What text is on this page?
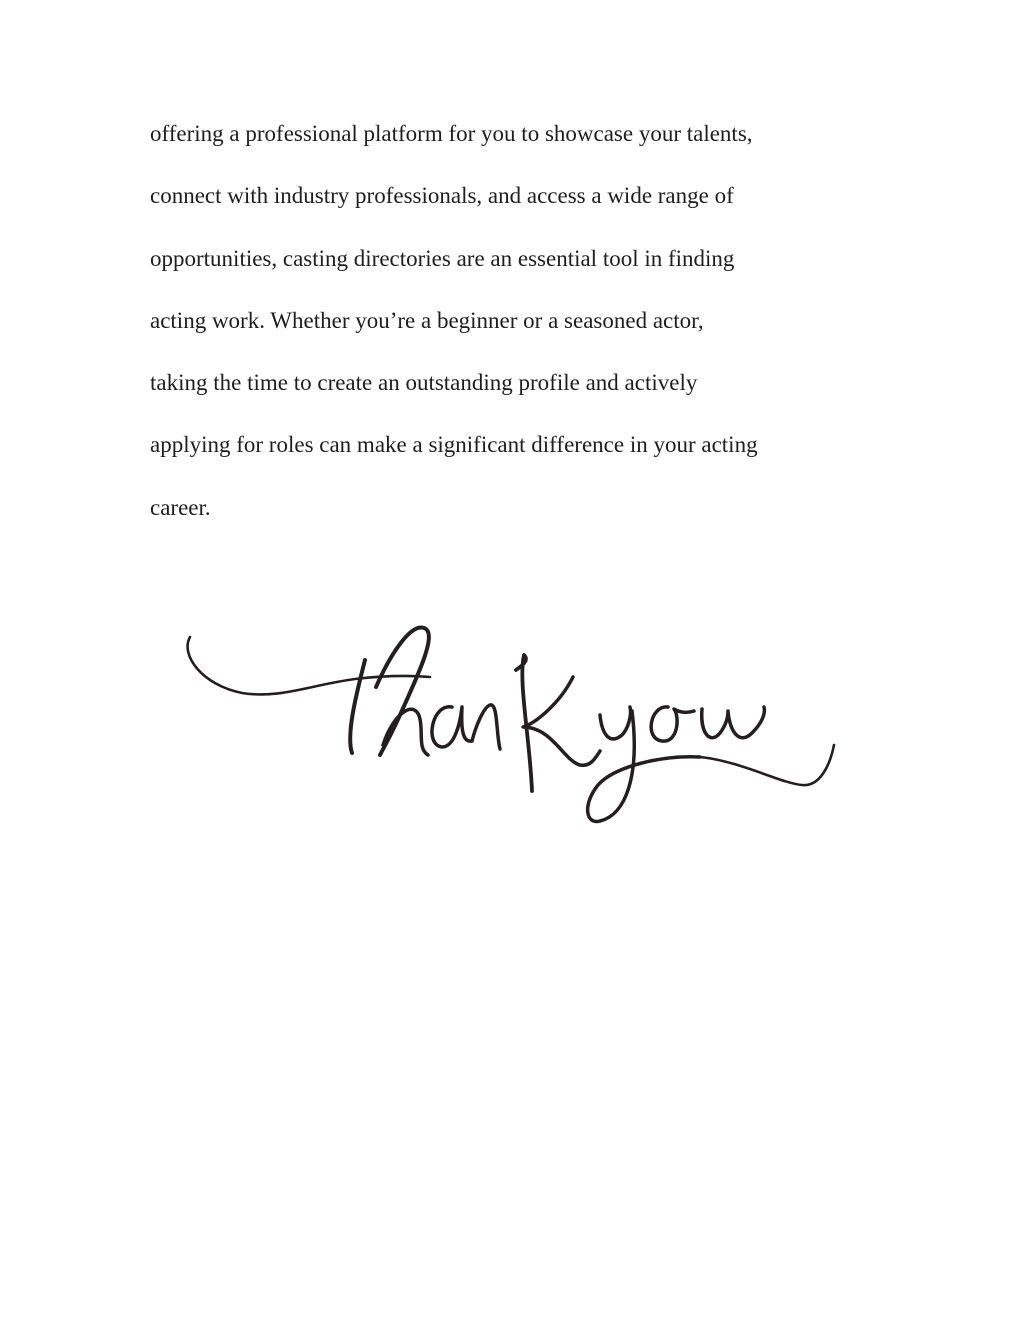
offering a professional platform for you to showcase your talents,
connect with industry professionals, and access a wide range of
opportunities, casting directories are an essential tool in finding
acting work. Whether you’re a beginner or a seasoned actor,
taking the time to create an outstanding profile and actively
applying for roles can make a significant difference in your acting
career.
